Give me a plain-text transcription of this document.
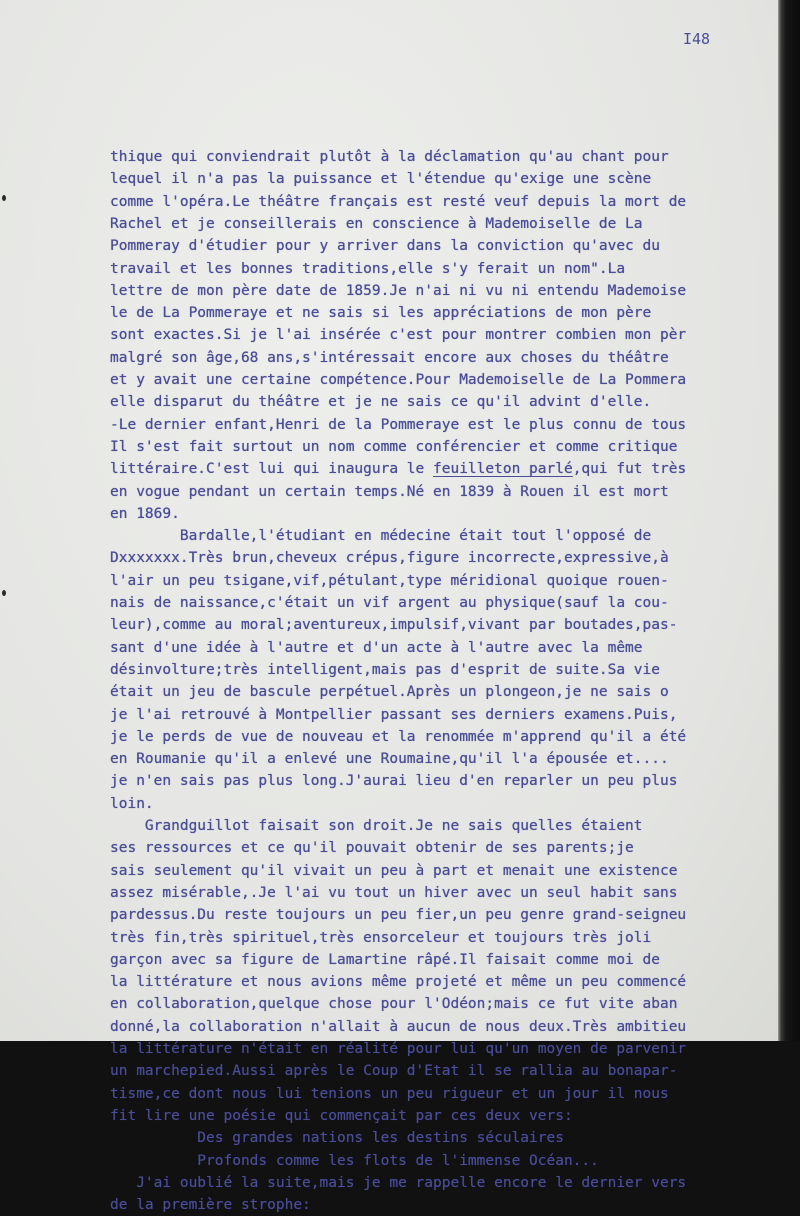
I48
thique qui conviendrait plutôt à la déclamation qu'au chant pour
lequel il n'a pas la puissance et l'étendue qu'exige une scène
comme l'opéra.Le théâtre français est resté veuf depuis la mort de
Rachel et je conseillerais en conscience à Mademoiselle de La
Pommeray d'étudier pour y arriver dans la conviction qu'avec du
travail et les bonnes traditions,elle s'y ferait un nom".La
lettre de mon père date de 1859.Je n'ai ni vu ni entendu Mademoise
le de La Pommeraye et ne sais si les appréciations de mon père
sont exactes.Si je l'ai insérée c'est pour montrer combien mon pèr
malgré son âge,68 ans,s'intéressait encore aux choses du théâtre
et y avait une certaine compétence.Pour Mademoiselle de La Pommera
elle disparut du théâtre et je ne sais ce qu'il advint d'elle.
-Le dernier enfant,Henri de la Pommeraye est le plus connu de tous
Il s'est fait surtout un nom comme conférencier et comme critique
littéraire.C'est lui qui inaugura le feuilleton parlé,qui fut très
en vogue pendant un certain temps.Né en 1839 à Rouen il est mort
en 1869.
Bardalle,l'étudiant en médecine était tout l'opposé de
Dxxxxxxx.Très brun,cheveux crépus,figure incorrecte,expressive,à
l'air un peu tsigane,vif,pétulant,type méridional quoique rouen-
nais de naissance,c'était un vif argent au physique(sauf la cou-
leur),comme au moral;aventureux,impulsif,vivant par boutades,pas-
sant d'une idée à l'autre et d'un acte à l'autre avec la même
désinvolture;très intelligent,mais pas d'esprit de suite.Sa vie
était un jeu de bascule perpétuel.Après un plongeon,je ne sais o
je l'ai retrouvé à Montpellier passant ses derniers examens.Puis,
je le perds de vue de nouveau et la renommée m'apprend qu'il a été
en Roumanie qu'il a enlevé une Roumaine,qu'il l'a épousée et....
je n'en sais pas plus long.J'aurai lieu d'en reparler un peu plus
loin.
Grandguillot faisait son droit.Je ne sais quelles étaient
ses ressources et ce qu'il pouvait obtenir de ses parents;je
sais seulement qu'il vivait un peu à part et menait une existence
assez misérable,.Je l'ai vu tout un hiver avec un seul habit sans
pardessus.Du reste toujours un peu fier,un peu genre grand-seigneu
très fin,très spirituel,très ensorceleur et toujours très joli
garçon avec sa figure de Lamartine râpé.Il faisait comme moi de
la littérature et nous avions même projeté et même un peu commencé
en collaboration,quelque chose pour l'Odéon;mais ce fut vite aban
donné,la collaboration n'allait à aucun de nous deux.Très ambitieu
la littérature n'était en réalité pour lui qu'un moyen de parvenir
un marchepied.Aussi après le Coup d'Etat il se rallia au bonapar-
tisme,ce dont nous lui tenions un peu rigueur et un jour il nous
fit lire une poésie qui commençait par ces deux vers:
Des grandes nations les destins séculaires
Profonds comme les flots de l'immense Océan...
J'ai oublié la suite,mais je me rappelle encore le dernier vers
de la première strophe:
